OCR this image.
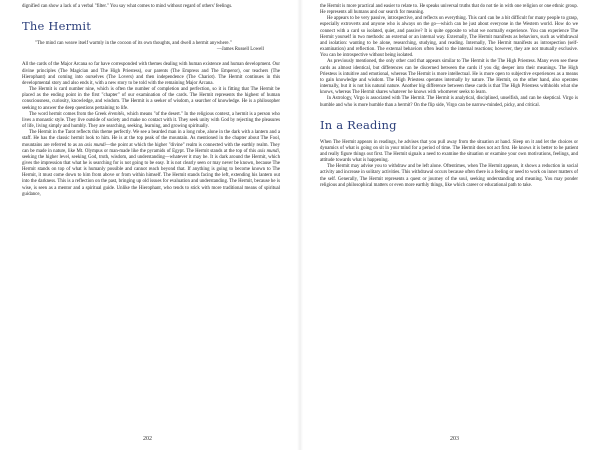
dignified can show a lack of a verbal "filter." You say what comes to mind without regard of others' feelings.

The Hermit

"The mind can weave itself warmly in the cocoon of its own thoughts, and dwell a hermit anywhere."

—James Russell Lowell

All the cards of the Major Arcana so far have corresponded with themes dealing with human existence and human development. Our divine principles (The Magician and The High Priestess), our parents (The Empress and The Emperor), our teachers (The Hierophant) and coming into ourselves (The Lovers) and then independence (The Chariot). The Hermit continues in this developmental story and also ends it, with a new story to be told with the remaining Major Arcana.

The Hermit is card number nine, which is often the number of completion and perfection, so it is fitting that The Hermit be placed as the ending point in the first "chapter" of our examination of the cards. The Hermit represents the highest of human consciousness, curiosity, knowledge, and wisdom. The Hermit is a seeker of wisdom, a searcher of knowledge. He is a philosopher seeking to answer the deep questions pertaining to life.

The word hermit comes from the Greek éremitēs, which means "of the desert." In the religious context, a hermit is a person who lives a monastic style. They live outside of society and make no contact with it. They seek unity with God by rejecting the pleasures of life, living simply and humbly. They are searching, seeking, learning, and growing spiritually.

The Hermit in the Tarot reflects this theme perfectly. We see a bearded man in a long robe, alone in the dark with a lantern and a staff. He has the classic hermit look to him. He is at the top peak of the mountain. As mentioned in the chapter about The Fool, mountains are referred to as an axis mundi—the point at which the higher "divine" realm is connected with the earthly realm. They can be made in nature, like Mt. Olympus or man-made like the pyramids of Egypt. The Hermit stands at the top of this axis mundi, seeking the higher level, seeking God, truth, wisdom, and understanding—whatever it may be. It is dark around the Hermit, which gives the impression that what he is searching for is not going to be easy. It is not clearly seen or may never be known, because The Hermit stands on top of what is humanly possible and cannot reach beyond that. If anything is going to become known to The Hermit, it must come down to him from above or from within himself. The Hermit stands facing the left, extending his lantern out into the darkness. This is a reflection on the past, bringing up old issues for evaluation and understanding. The Hermit, because he is wise, is seen as a mentor and a spiritual guide. Unlike the Hierophant, who tends to stick with more traditional means of spiritual guidance,

202

the Hermit is more practical and easier to relate to. He speaks universal truths that do not tie in with one religion or one ethnic group. He represents all humans and our search for meaning.

He appears to be very passive, introspective, and reflects on everything. This card can be a bit difficult for many people to grasp, especially extroverts and anyone who is always on the go—which can be just about everyone in the Western world. How do we connect with a card so isolated, quiet, and passive? It is quite opposite to what we normally experience. You can experience The Hermit yourself in two methods: an external or an internal way. Externally, The Hermit manifests as behaviors, such as withdrawal and isolation: wanting to be alone, researching, studying, and reading. Internally, The Hermit manifests as introspection (self-examination) and reflection. The external behaviors often lead to the internal reactions; however, they are not mutually exclusive. You can be introspective without being isolated.

As previously mentioned, the only other card that appears similar to The Hermit is the The High Priestess. Many even see these cards as almost identical, but differences can be discerned between the cards if you dig deeper into their meanings. The High Priestess is intuitive and emotional, whereas The Hermit is more intellectual. He is more open to subjective experiences as a means to gain knowledge and wisdom. The High Priestess operates internally by nature. The Hermit, on the other hand, also operates internally, but it is not his natural nature. Another big difference between these cards is that The High Priestess withholds what she knows, whereas The Hermit shares whatever he knows with whomever seeks to learn.

In Astrology, Virgo is associated with The Hermit. The Hermit is analytical, disciplined, unselfish, and can be skeptical. Virgo is humble and who is more humble than a hermit? On the flip side, Virgo can be narrow-minded, picky, and critical.

In a Reading

When The Hermit appears in readings, he advises that you pull away from the situation at hand. Sleep on it and let the choices or dynamics of what is going on sit in your mind for a period of time. The Hermit does not act first. He knows it is better to be patient and really figure things out first. The Hermit signals a need to examine the situation or examine your own motivations, feelings, and attitude towards what is happening.

The Hermit may advise you to withdraw and be left alone. Oftentimes, when The Hermit appears, it shows a reduction in social activity and increase in solitary activities. This withdrawal occurs because often there is a feeling or need to work on inner matters of the self. Generally, The Hermit represents a quest or journey of the soul, seeking understanding and meaning. You may ponder religious and philosophical matters or even more earthly things, like which career or educational path to take.

203
